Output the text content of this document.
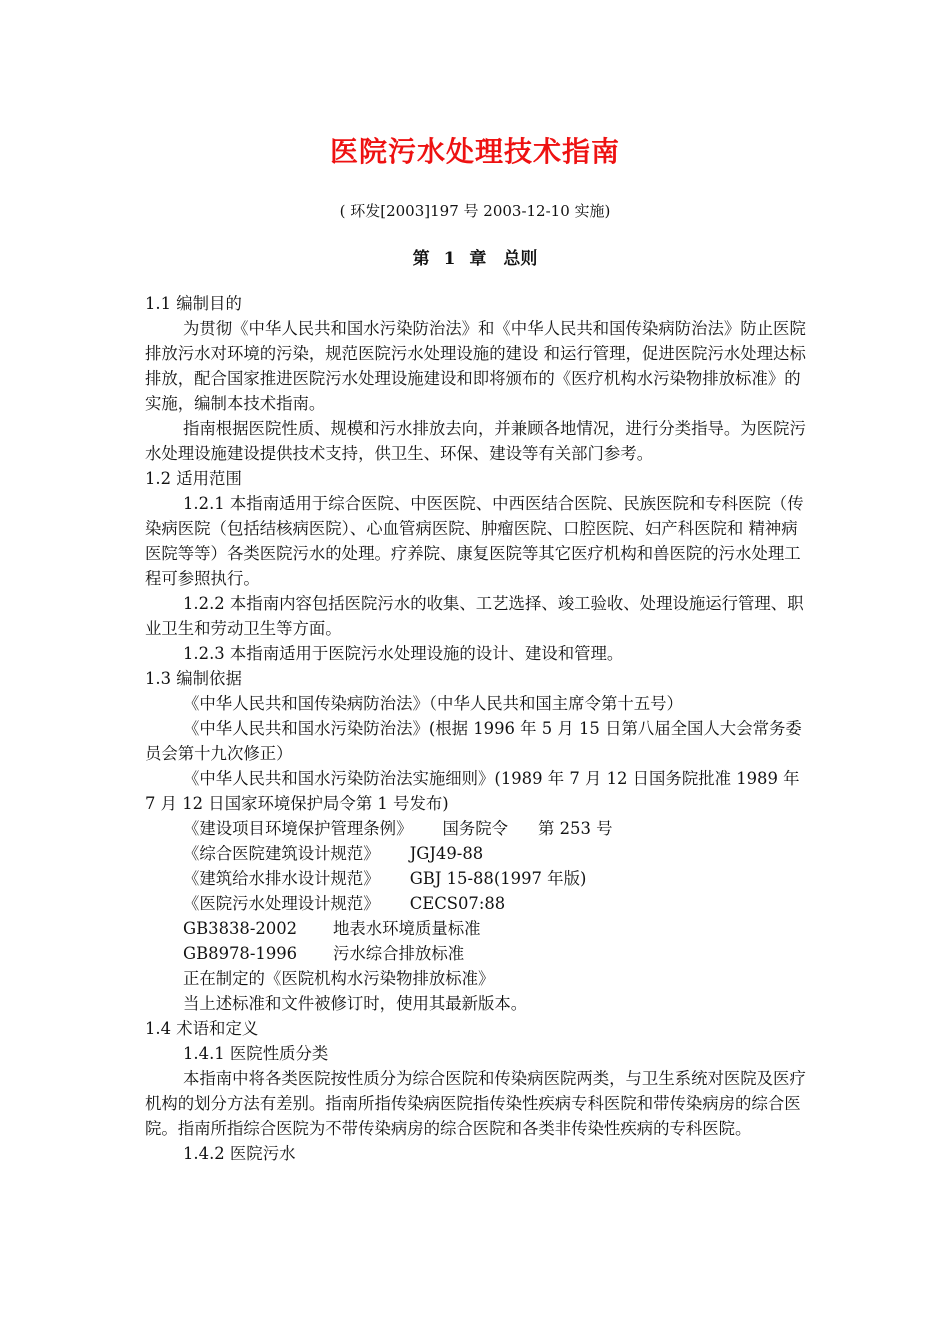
医院污水处理技术指南
( 环发[2003]197 号 2003-12-10 实施)
第 1 章　总则

1.1 编制目的

为贯彻《中华人民共和国水污染防治法》和《中华人民共和国传染病防治法》防止医院排放污水对环境的污染，规范医院污水处理设施的建设 和运行管理，促进医院污水处理达标排放，配合国家推进医院污水处理设施建设和即将颁布的《医疗机构水污染物排放标准》的实施，编制本技术指南。

指南根据医院性质、规模和污水排放去向，并兼顾各地情况，进行分类指导。为医院污水处理设施建设提供技术支持，供卫生、环保、建设等有关部门参考。

1.2 适用范围

1.2.1 本指南适用于综合医院、中医医院、中西医结合医院、民族医院和专科医院（传染病医院（包括结核病医院）、心血管病医院、肿瘤医院、口腔医院、妇产科医院和 精神病医院等等）各类医院污水的处理。疗养院、康复医院等其它医疗机构和兽医院的污水处理工程可参照执行。

1.2.2 本指南内容包括医院污水的收集、工艺选择、竣工验收、处理设施运行管理、职业卫生和劳动卫生等方面。

1.2.3 本指南适用于医院污水处理设施的设计、建设和管理。

1.3 编制依据

《中华人民共和国传染病防治法》（中华人民共和国主席令第十五号）

《中华人民共和国水污染防治法》(根据 1996 年 5 月 15 日第八届全国人大会常务委员会第十九次修正）

《中华人民共和国水污染防治法实施细则》(1989 年 7 月 12 日国务院批准 1989 年 7 月 12 日国家环境保护局令第 1 号发布)

《建设项目环境保护管理条例》 国务院令 第 253 号
《综合医院建筑设计规范》 JGJ49-88
《建筑给水排水设计规范》 GBJ 15-88(1997 年版)
《医院污水处理设计规范》 CECS07:88
GB3838-2002	地表水环境质量标准
GB8978-1996	污水综合排放标准

正在制定的《医院机构水污染物排放标准》

当上述标准和文件被修订时，使用其最新版本。

1.4 术语和定义

1.4.1 医院性质分类

本指南中将各类医院按性质分为综合医院和传染病医院两类，与卫生系统对医院及医疗机构的划分方法有差别。指南所指传染病医院指传染性疾病专科医院和带传染病房的综合医院。指南所指综合医院为不带传染病房的综合医院和各类非传染性疾病的专科医院。

1.4.2 医院污水
